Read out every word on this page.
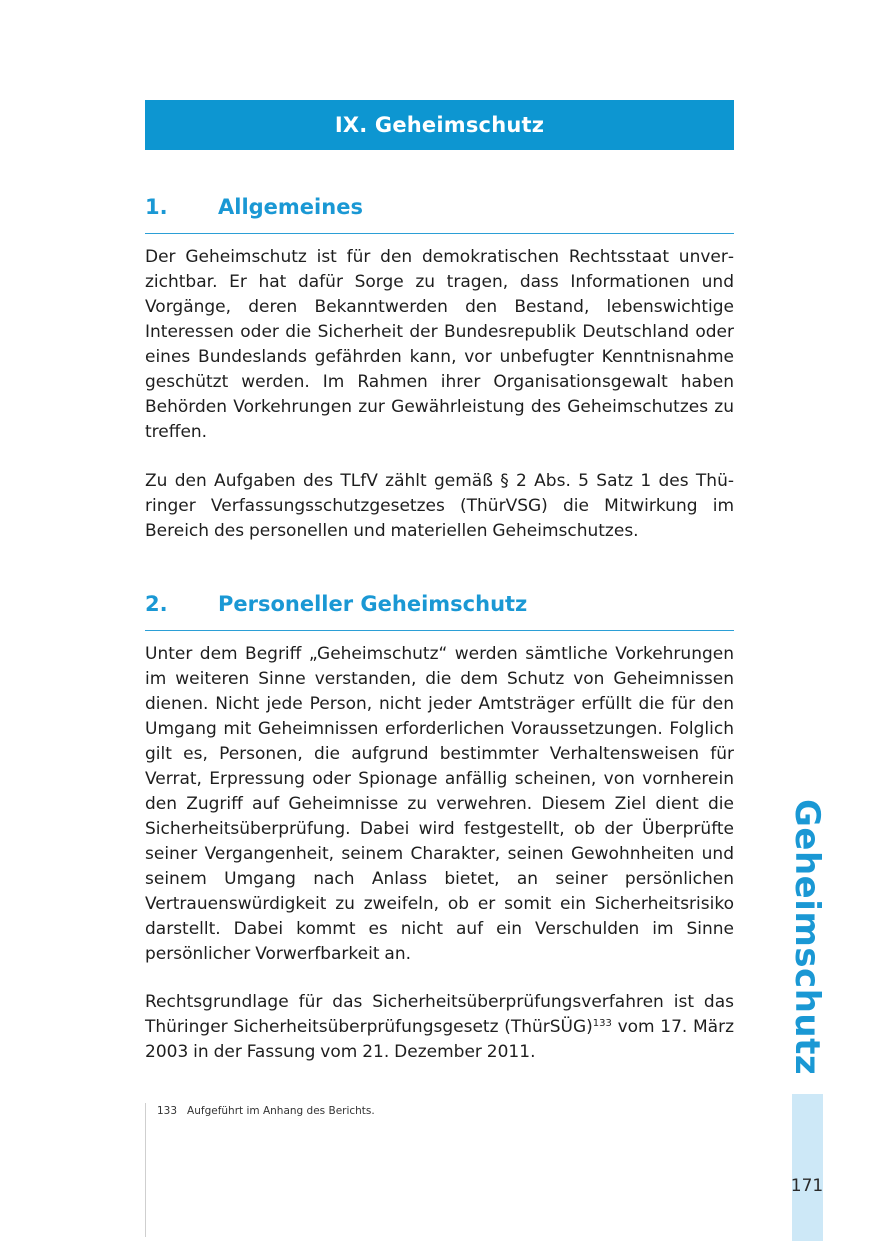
IX. Geheimschutz
1. Allgemeines

Der Geheimschutz ist für den demokratischen Rechtsstaat unverzichtbar. Er hat dafür Sorge zu tragen, dass Informationen und Vorgänge, deren Bekanntwerden den Bestand, lebenswichtige Interessen oder die Sicherheit der Bundesrepublik Deutschland oder eines Bundeslands gefährden kann, vor unbefugter Kenntnisnahme geschützt werden. Im Rahmen ihrer Organisationsgewalt haben Behörden Vorkehrungen zur Gewährleistung des Geheimschutzes zu treffen.

Zu den Aufgaben des TLfV zählt gemäß § 2 Abs. 5 Satz 1 des Thüringer Verfassungsschutzgesetzes (ThürVSG) die Mitwirkung im Bereich des personellen und materiellen Geheimschutzes.

2. Personeller Geheimschutz

Unter dem Begriff „Geheimschutz“ werden sämtliche Vorkehrungen im weiteren Sinne verstanden, die dem Schutz von Geheimnissen dienen. Nicht jede Person, nicht jeder Amtsträger erfüllt die für den Umgang mit Geheimnissen erforderlichen Voraussetzungen. Folglich gilt es, Personen, die aufgrund bestimmter Verhaltensweisen für Verrat, Erpressung oder Spionage anfällig scheinen, von vornherein den Zugriff auf Geheimnisse zu verwehren. Diesem Ziel dient die Sicherheitsüberprüfung. Dabei wird festgestellt, ob der Überprüfte seiner Vergangenheit, seinem Charakter, seinen Gewohnheiten und seinem Umgang nach Anlass bietet, an seiner persönlichen Vertrauenswürdigkeit zu zweifeln, ob er somit ein Sicherheitsrisiko darstellt. Dabei kommt es nicht auf ein Verschulden im Sinne persönlicher Vorwerfbarkeit an.

Rechtsgrundlage für das Sicherheitsüberprüfungsverfahren ist das Thüringer Sicherheitsüberprüfungsgesetz (ThürSÜG)$^{133}$ vom 17. März 2003 in der Fassung vom 21. Dezember 2011.

133 Aufgeführt im Anhang des Berichts.
Geheimschutz
171
